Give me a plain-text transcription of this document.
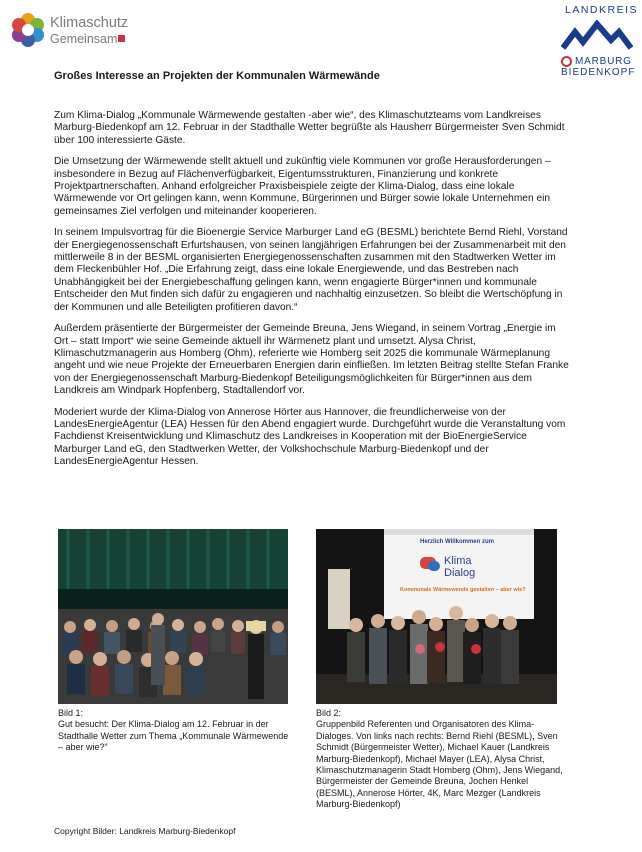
Klimaschutz
Gemeinsam
LANDKREIS
MARBURG
BIEDENKOPF
Großes Interesse an Projekten der Kommunalen Wärmewände

Zum Klima-Dialog „Kommunale Wärmewende gestalten -aber wie“, des Klimaschutzteams vom Landkreises Marburg-Biedenkopf am 12. Februar in der Stadthalle Wetter begrüßte als Hausherr Bürgermeister Sven Schmidt über 100 interessierte Gäste.

Die Umsetzung der Wärmewende stellt aktuell und zukünftig viele Kommunen vor große Herausforderungen – insbesondere in Bezug auf Flächenverfügbarkeit, Eigentumsstrukturen, Finanzierung und konkrete Projektpartnerschaften. Anhand erfolgreicher Praxisbeispiele zeigte der Klima-Dialog, dass eine lokale Wärmewende vor Ort gelingen kann, wenn Kommune, Bürgerinnen und Bürger sowie lokale Unternehmen ein gemeinsames Ziel verfolgen und miteinander kooperieren.

In seinem Impulsvortrag für die Bioenergie Service Marburger Land eG (BESML) berichtete Bernd Riehl, Vorstand der Energiegenossenschaft Erfurtshausen, von seinen langjährigen Erfahrungen bei der Zusammenarbeit mit den mittlerweile 8 in der BESML organisierten Energiegenossenschaften zusammen mit den Stadtwerken Wetter im dem Fleckenbühler Hof. „Die Erfahrung zeigt, dass eine lokale Energiewende, und das Bestreben nach Unabhängigkeit bei der Energiebeschaffung gelingen kann, wenn engagierte Bürger*innen und kommunale Entscheider den Mut finden sich dafür zu engagieren und nachhaltig einzusetzen. So bleibt die Wertschöpfung in der Kommunen und alle Beteiligten profitieren davon.“

Außerdem präsentierte der Bürgermeister der Gemeinde Breuna, Jens Wiegand, in seinem Vortrag „Energie im Ort – statt Import“ wie seine Gemeinde aktuell ihr Wärmenetz plant und umsetzt. Alysa Christ, Klimaschutzmanagerin aus Homberg (Ohm), referierte wie Homberg seit 2025 die kommunale Wärmeplanung angeht und wie neue Projekte der Erneuerbaren Energien darin einfließen. Im letzten Beitrag stellte Stefan Franke von der Energiegenossenschaft Marburg-Biedenkopf Beteiligungsmöglichkeiten für Bürger*innen aus dem Landkreis am Windpark Hopfenberg, Stadtallendorf vor.

Moderiert wurde der Klima-Dialog von Annerose Hörter aus Hannover, die freundlicherweise von der LandesEnergieAgentur (LEA) Hessen für den Abend engagiert wurde. Durchgeführt wurde die Veranstaltung vom Fachdienst Kreisentwicklung und Klimaschutz des Landkreises in Kooperation mit der BioEnergieService Marburger Land eG, den Stadtwerken Wetter, der Volkshochschule Marburg-Biedenkopf und der LandesEnergieAgentur Hessen.

Herzlich Willkommen zum
Klima
Dialog
Kommunale Wärmewende gestalten – aber wie?
Bild 1:
Gut besucht: Der Klima-Dialog am 12. Februar in der Stadthalle Wetter zum Thema „Kommunale Wärmewende – aber wie?“
Bild 2:
Gruppenbild Referenten und Organisatoren des Klima-Dialoges. Von links nach rechts: Bernd Riehl (BESML), Sven Schmidt (Bürgermeister Wetter), Michael Kauer (Landkreis Marburg-Biedenkopf), Michael Mayer (LEA), Alysa Christ, Klimaschutzmanagerin Stadt Homberg (Ohm), Jens Wiegand, Bürgermeister der Gemeinde Breuna, Jochen Henkel (BESML), Annerose Hörter, 4K, Marc Mezger (Landkreis Marburg-Biedenkopf)
Copyright Bilder: Landkreis Marburg-Biedenkopf
